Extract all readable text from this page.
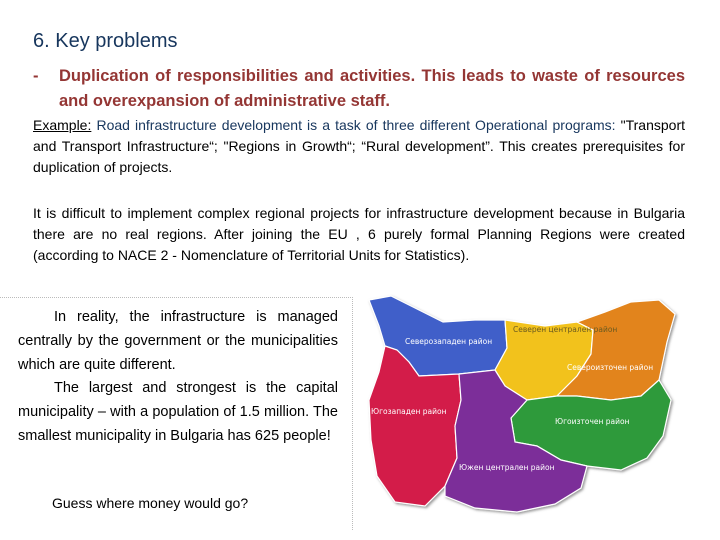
6. Key problems
- Duplication of responsibilities and activities. This leads to waste of resources and overexpansion of administrative staff.
Example: Road infrastructure development is a task of three different Operational programs: "Transport and Transport Infrastructure“; "Regions in Growth“; “Rural development”. This creates prerequisites for duplication of projects.
It is difficult to implement complex regional projects for infrastructure development because in Bulgaria there are no real regions. After joining the EU , 6 purely formal Planning Regions were created (according to NACE 2 - Nomenclature of Territorial Units for Statistics).

In reality, the infrastructure is managed centrally by the government or the municipalities which are quite different.

The largest and strongest is the capital municipality – with a population of 1.5 million. The smallest municipality in Bulgaria has 625 people!

Guess where money would go?
Северозападен район
Северен централен район
Североизточен район
Югозападен район
Югоизточен район
Южен централен район
